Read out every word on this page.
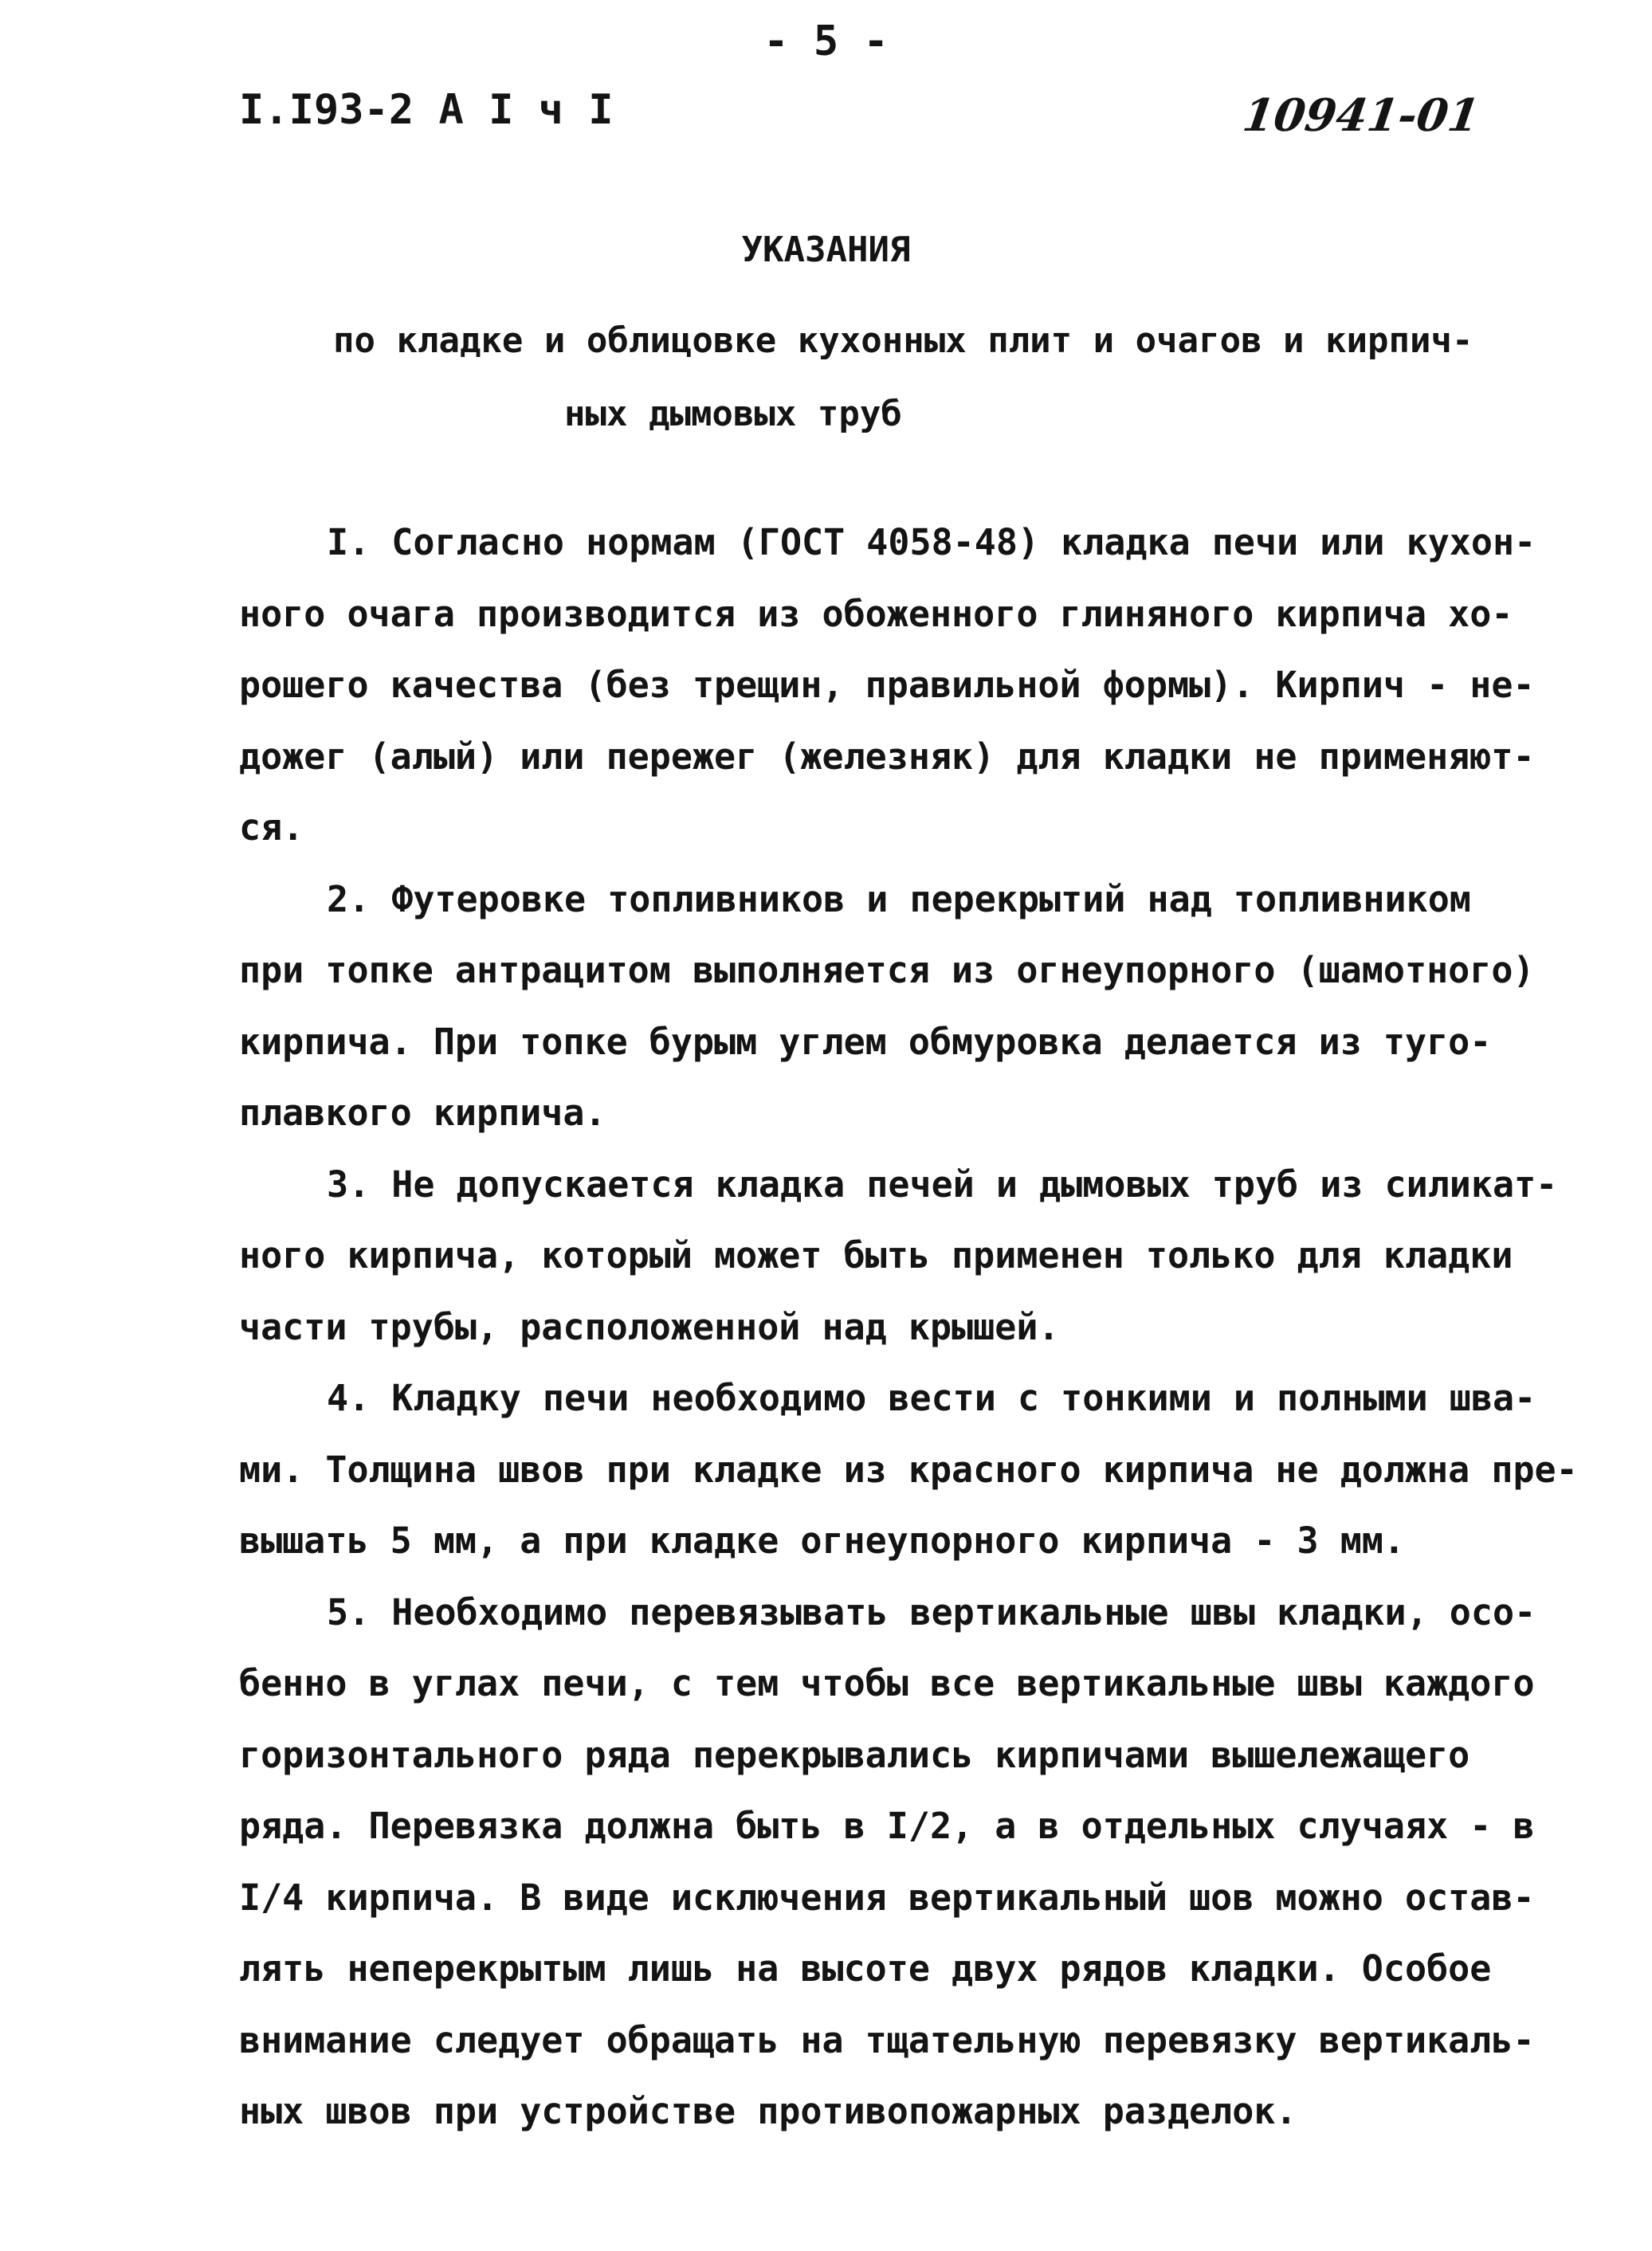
- 5 -
I.I93-2 А I ч I	10941-01
УКАЗАНИЯ
по кладке и облицовке кухонных плит и очагов и кирпич-
ных дымовых труб
I. Согласно нормам (ГОСТ 4058-48) кладка печи или кухон-
ного очага производится из обоженного глиняного кирпича хо-
рошего качества (без трещин, правильной формы). Кирпич - не-
дожег (алый) или пережег (железняк) для кладки не применяют-
ся.
2. Футеровке топливников и перекрытий над топливником
при топке антрацитом выполняется из огнеупорного (шамотного)
кирпича. При топке бурым углем обмуровка делается из туго-
плавкого кирпича.
3. Не допускается кладка печей и дымовых труб из силикат-
ного кирпича, который может быть применен только для кладки
части трубы, расположенной над крышей.
4. Кладку печи необходимо вести с тонкими и полными шва-
ми. Толщина швов при кладке из красного кирпича не должна пре-
вышать 5 мм, а при кладке огнеупорного кирпича - 3 мм.
5. Необходимо перевязывать вертикальные швы кладки, осо-
бенно в углах печи, с тем чтобы все вертикальные швы каждого
горизонтального ряда перекрывались кирпичами вышележащего
ряда. Перевязка должна быть в I/2, а в отдельных случаях - в
I/4 кирпича. В виде исключения вертикальный шов можно остав-
лять неперекрытым лишь на высоте двух рядов кладки. Особое
внимание следует обращать на тщательную перевязку вертикаль-
ных швов при устройстве противопожарных разделок.
